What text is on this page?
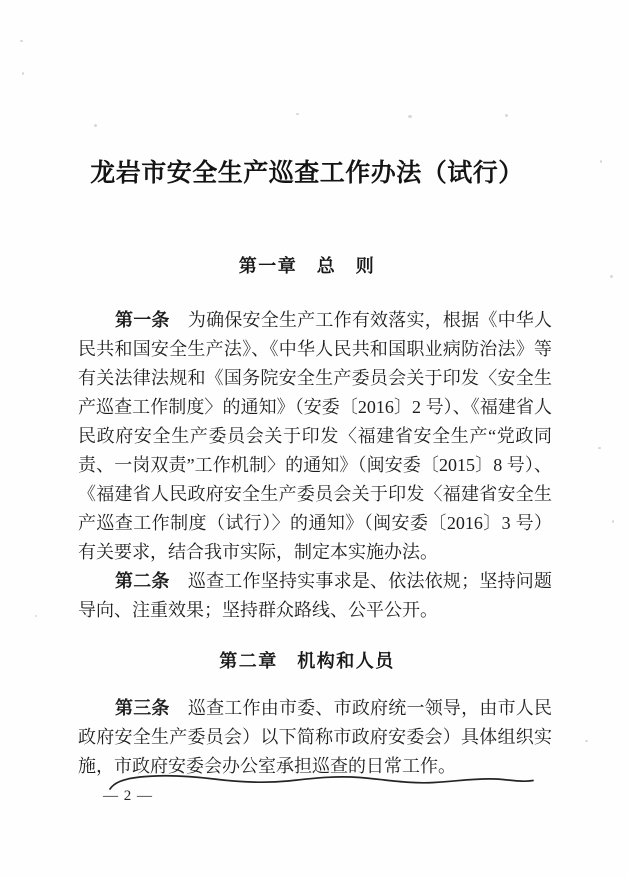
龙岩市安全生产巡查工作办法（试行）
第一章　总　则
第一条　为确保安全生产工作有效落实，根据《中华人
民共和国安全生产法》、《中华人民共和国职业病防治法》等
有关法律法规和《国务院安全生产委员会关于印发〈安全生
产巡查工作制度〉的通知》（安委〔2016〕2 号）、《福建省人
民政府安全生产委员会关于印发〈福建省安全生产“党政同
责、一岗双责”工作机制〉的通知》（闽安委〔2015〕8 号）、
《福建省人民政府安全生产委员会关于印发〈福建省安全生
产巡查工作制度（试行）〉的通知》（闽安委〔2016〕3 号）
有关要求，结合我市实际，制定本实施办法。
第二条　巡查工作坚持实事求是、依法依规；坚持问题
导向、注重效果；坚持群众路线、公平公开。
第二章　机构和人员
第三条　巡查工作由市委、市政府统一领导，由市人民
政府安全生产委员会）以下简称市政府安委会）具体组织实
施，市政府安委会办公室承担巡查的日常工作。
— 2 —
